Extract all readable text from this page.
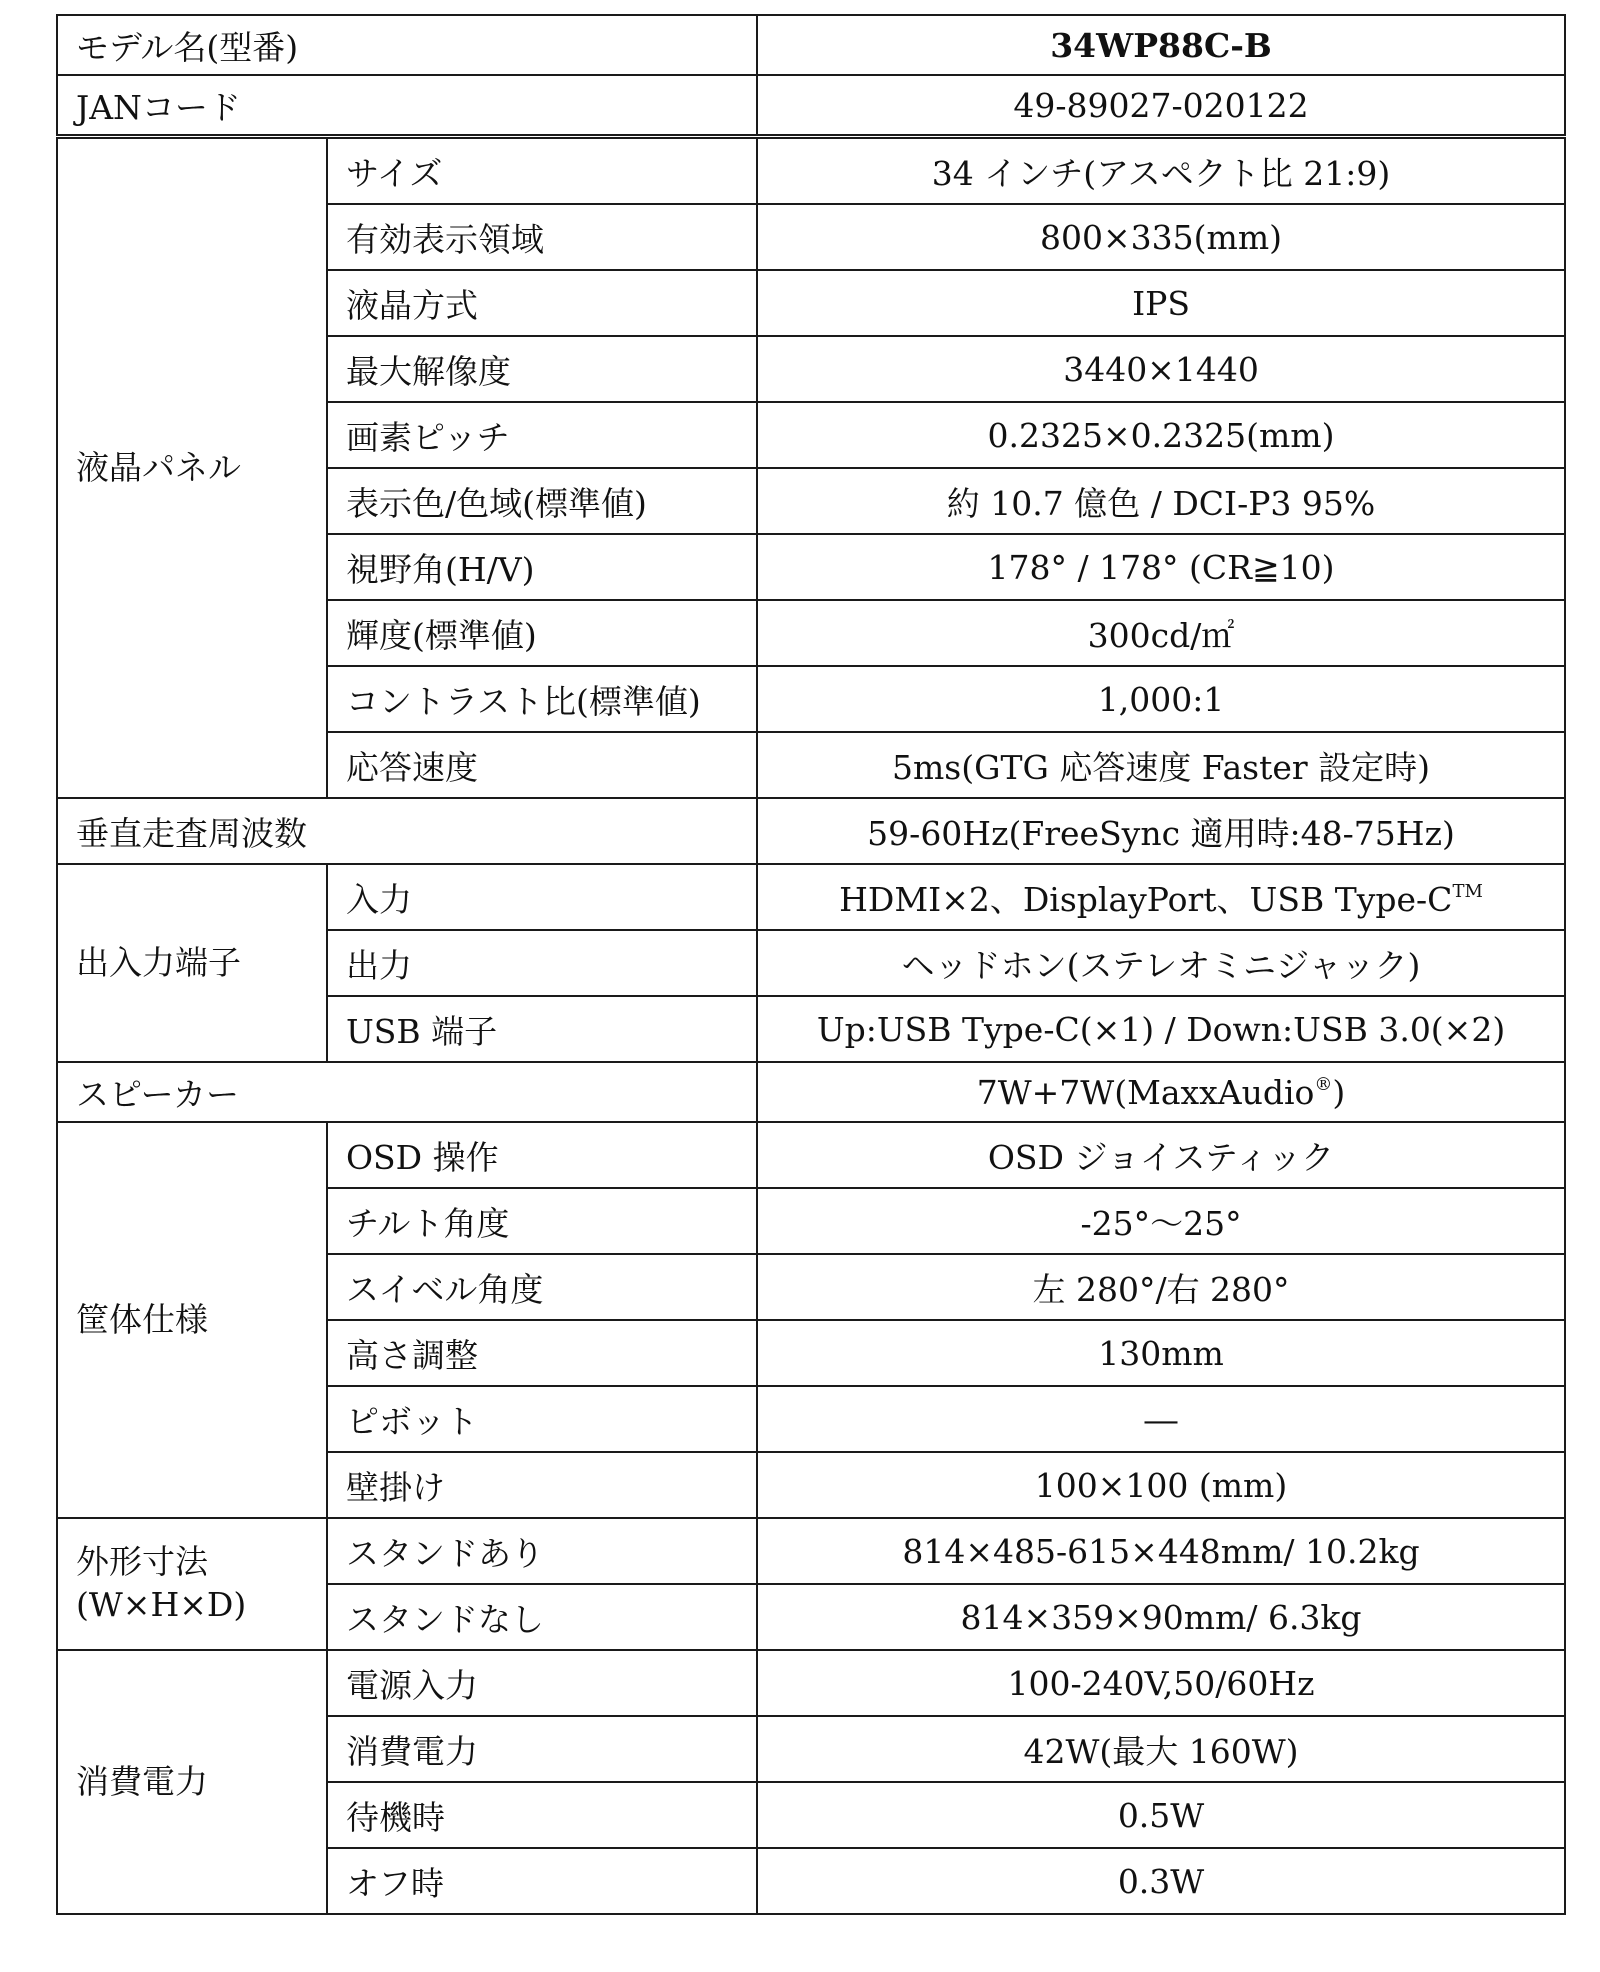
モデル名(型番)		34WP88C-B
JANコード		49-89027-020122
液晶パネル	サイズ	34 インチ(アスペクト比 21:9)
	有効表示領域	800×335(mm)
	液晶方式	IPS
	最大解像度	3440×1440
	画素ピッチ	0.2325×0.2325(mm)
	表示色/色域(標準値)	約 10.7 億色 / DCI-P3 95%
	視野角(H/V)	178° / 178° (CR≧10)
	輝度(標準値)	300cd/㎡
	コントラスト比(標準値)	1,000:1
	応答速度	5ms(GTG 応答速度 Faster 設定時)
垂直走査周波数		59-60Hz(FreeSync 適用時:48-75Hz)
出入力端子	入力	HDMI×2、DisplayPort、USB Type-C™
	出力	ヘッドホン(ステレオミニジャック)
	USB 端子	Up:USB Type-C(×1) / Down:USB 3.0(×2)
スピーカー		7W+7W(MaxxAudio®)
筐体仕様	OSD 操作	OSD ジョイスティック
	チルト角度	-25°〜25°
	スイベル角度	左 280°/右 280°
	高さ調整	130mm
	ピボット	―
	壁掛け	100×100 (mm)

外形寸法
(W×H×D)	スタンドあり	814×485-615×448mm/ 10.2kg
	スタンドなし	814×359×90mm/ 6.3kg
消費電力	電源入力	100-240V,50/60Hz
	消費電力	42W(最大 160W)
	待機時	0.5W
	オフ時	0.3W
